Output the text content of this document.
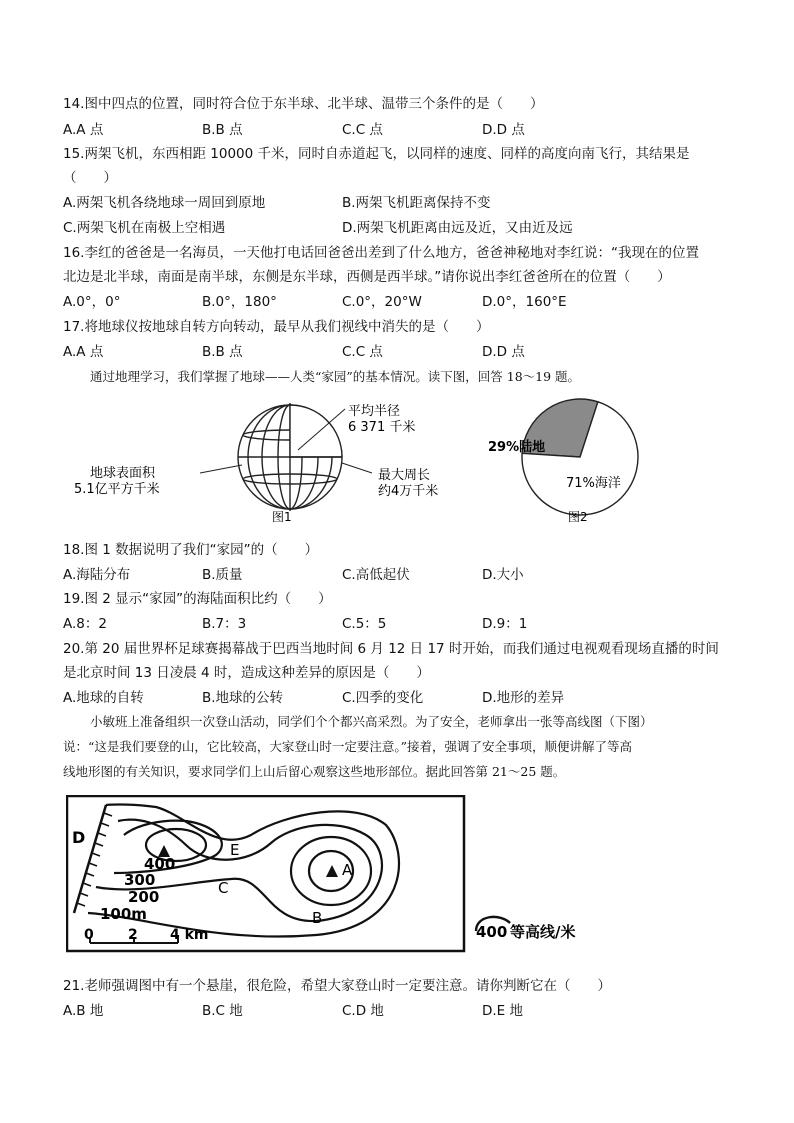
14.图中四点的位置，同时符合位于东半球、北半球、温带三个条件的是（　　）
A.A 点	B.B 点	C.C 点	D.D 点
15.两架飞机，东西相距 10000 千米，同时自赤道起飞，以同样的速度、同样的高度向南飞行，其结果是
（　　）
A.两架飞机各绕地球一周回到原地	B.两架飞机距离保持不变
C.两架飞机在南极上空相遇	D.两架飞机距离由远及近，又由近及远
16.李红的爸爸是一名海员，一天他打电话回爸爸出差到了什么地方，爸爸神秘地对李红说：“我现在的位置
北边是北半球，南面是南半球，东侧是东半球，西侧是西半球。”请你说出李红爸爸所在的位置（　　）
A.0°，0°	B.0°，180°	C.0°，20°W	D.0°，160°E
17.将地球仪按地球自转方向转动，最早从我们视线中消失的是（　　）
A.A 点	B.B 点	C.C 点	D.D 点
通过地理学习，我们掌握了地球——人类“家园”的基本情况。读下图，回答 18～19 题。
平均半径
6 371 千米
地球表面积
5.1亿平方千米
最大周长
约4万千米
图1
29%陆地
71%海洋
图2
18.图 1 数据说明了我们“家园”的（　　）
A.海陆分布	B.质量	C.高低起伏	D.大小
19.图 2 显示“家园”的海陆面积比约（　　）
A.8：2	B.7：3	C.5：5	D.9：1
20.第 20 届世界杯足球赛揭幕战于巴西当地时间 6 月 12 日 17 时开始，而我们通过电视观看现场直播的时间
是北京时间 13 日凌晨 4 时，造成这种差异的原因是（　　）
A.地球的自转	B.地球的公转	C.四季的变化	D.地形的差异
小敏班上准备组织一次登山活动，同学们个个都兴高采烈。为了安全，老师拿出一张等高线图（下图）
说：“这是我们要登的山，它比较高，大家登山时一定要注意。”接着，强调了安全事项，顺便讲解了等高
线地形图的有关知识，要求同学们上山后留心观察这些地形部位。据此回答第 21～25 题。
A
B
C
D
E
400
300
200
100m
0 2 4 km	400 等高线/米
21.老师强调图中有一个悬崖，很危险，希望大家登山时一定要注意。请你判断它在（　　）
A.B 地	B.C 地	C.D 地	D.E 地
